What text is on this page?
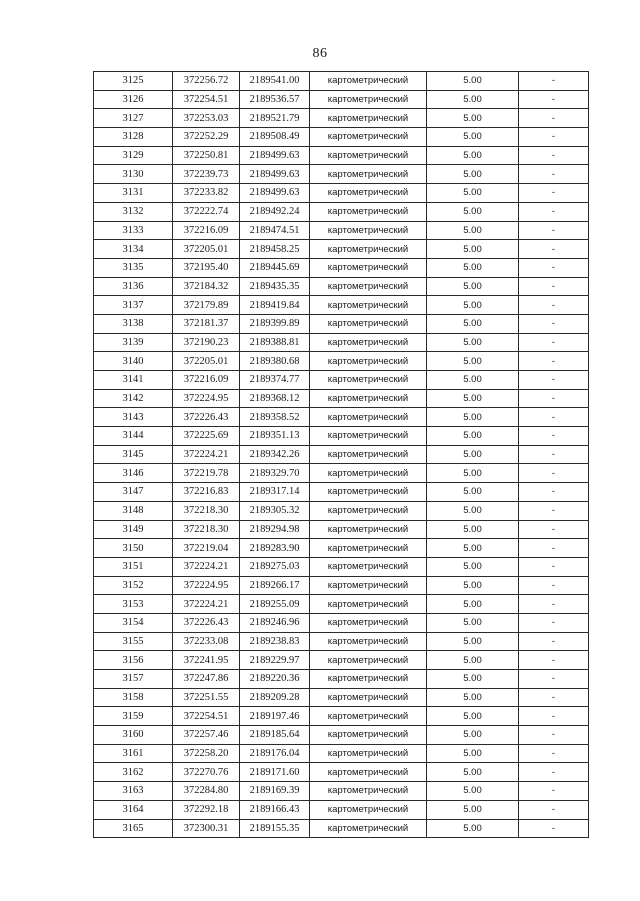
86
3125	372256.72	2189541.00	картометрический	5.00	-
3126	372254.51	2189536.57	картометрический	5.00	-
3127	372253.03	2189521.79	картометрический	5.00	-
3128	372252.29	2189508.49	картометрический	5.00	-
3129	372250.81	2189499.63	картометрический	5.00	-
3130	372239.73	2189499.63	картометрический	5.00	-
3131	372233.82	2189499.63	картометрический	5.00	-
3132	372222.74	2189492.24	картометрический	5.00	-
3133	372216.09	2189474.51	картометрический	5.00	-
3134	372205.01	2189458.25	картометрический	5.00	-
3135	372195.40	2189445.69	картометрический	5.00	-
3136	372184.32	2189435.35	картометрический	5.00	-
3137	372179.89	2189419.84	картометрический	5.00	-
3138	372181.37	2189399.89	картометрический	5.00	-
3139	372190.23	2189388.81	картометрический	5.00	-
3140	372205.01	2189380.68	картометрический	5.00	-
3141	372216.09	2189374.77	картометрический	5.00	-
3142	372224.95	2189368.12	картометрический	5.00	-
3143	372226.43	2189358.52	картометрический	5.00	-
3144	372225.69	2189351.13	картометрический	5.00	-
3145	372224.21	2189342.26	картометрический	5.00	-
3146	372219.78	2189329.70	картометрический	5.00	-
3147	372216.83	2189317.14	картометрический	5.00	-
3148	372218.30	2189305.32	картометрический	5.00	-
3149	372218.30	2189294.98	картометрический	5.00	-
3150	372219.04	2189283.90	картометрический	5.00	-
3151	372224.21	2189275.03	картометрический	5.00	-
3152	372224.95	2189266.17	картометрический	5.00	-
3153	372224.21	2189255.09	картометрический	5.00	-
3154	372226.43	2189246.96	картометрический	5.00	-
3155	372233.08	2189238.83	картометрический	5.00	-
3156	372241.95	2189229.97	картометрический	5.00	-
3157	372247.86	2189220.36	картометрический	5.00	-
3158	372251.55	2189209.28	картометрический	5.00	-
3159	372254.51	2189197.46	картометрический	5.00	-
3160	372257.46	2189185.64	картометрический	5.00	-
3161	372258.20	2189176.04	картометрический	5.00	-
3162	372270.76	2189171.60	картометрический	5.00	-
3163	372284.80	2189169.39	картометрический	5.00	-
3164	372292.18	2189166.43	картометрический	5.00	-
3165	372300.31	2189155.35	картометрический	5.00	-
